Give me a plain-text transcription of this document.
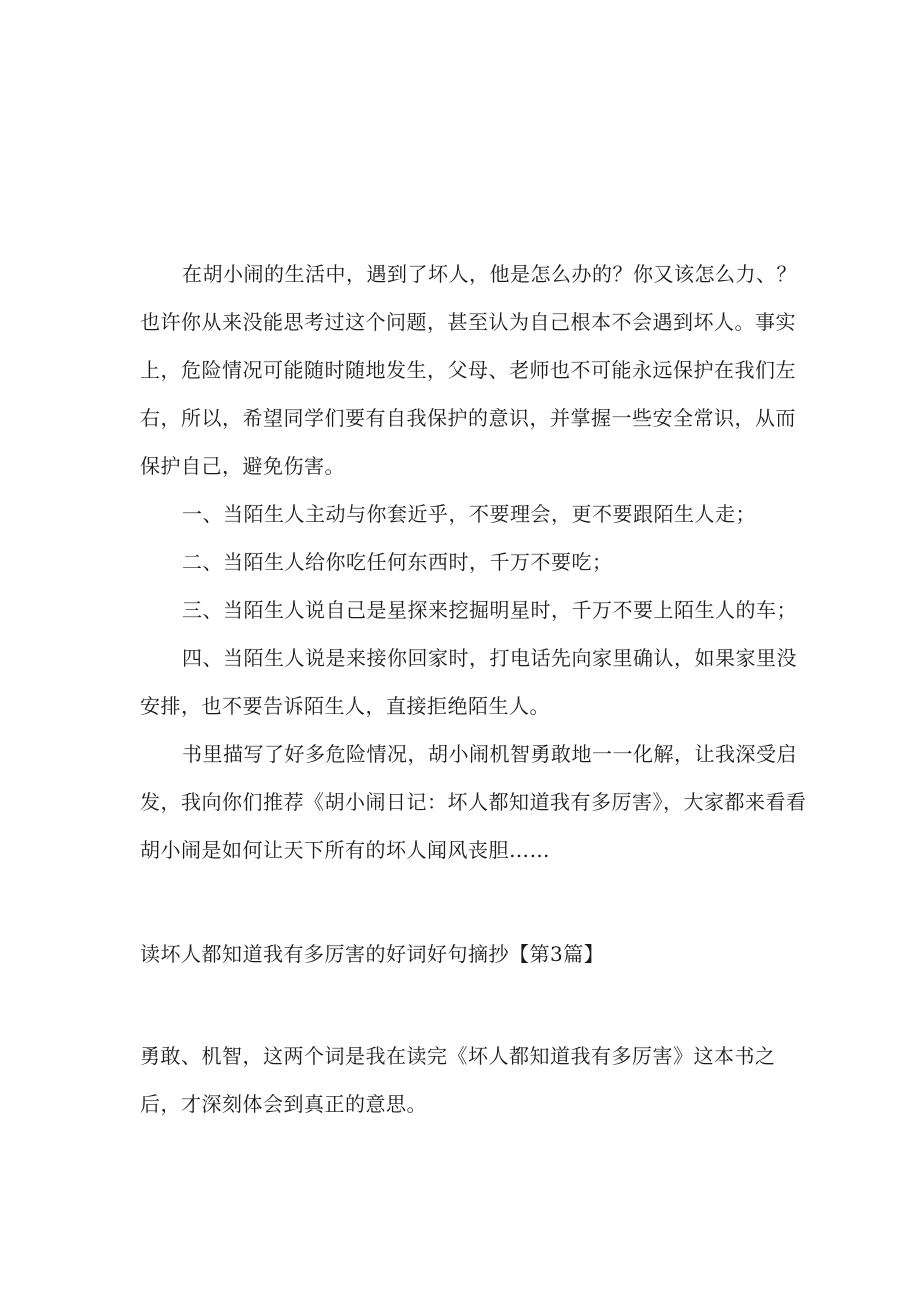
在胡小闹的生活中，遇到了坏人，他是怎么办的？你又该怎么力、？也许你从来没能思考过这个问题，甚至认为自己根本不会遇到坏人。事实上，危险情况可能随时随地发生，父母、老师也不可能永远保护在我们左右，所以，希望同学们要有自我保护的意识，并掌握一些安全常识，从而保护自己，避免伤害。

一、当陌生人主动与你套近乎，不要理会，更不要跟陌生人走；

二、当陌生人给你吃任何东西时，千万不要吃；

三、当陌生人说自己是星探来挖掘明星时，千万不要上陌生人的车；

四、当陌生人说是来接你回家时，打电话先向家里确认，如果家里没安排，也不要告诉陌生人，直接拒绝陌生人。

书里描写了好多危险情况，胡小闹机智勇敢地一一化解，让我深受启发，我向你们推荐《胡小闹日记：坏人都知道我有多厉害》，大家都来看看胡小闹是如何让天下所有的坏人闻风丧胆……

读坏人都知道我有多厉害的好词好句摘抄【第3篇】

勇敢、机智，这两个词是我在读完《坏人都知道我有多厉害》这本书之后，才深刻体会到真正的意思。
